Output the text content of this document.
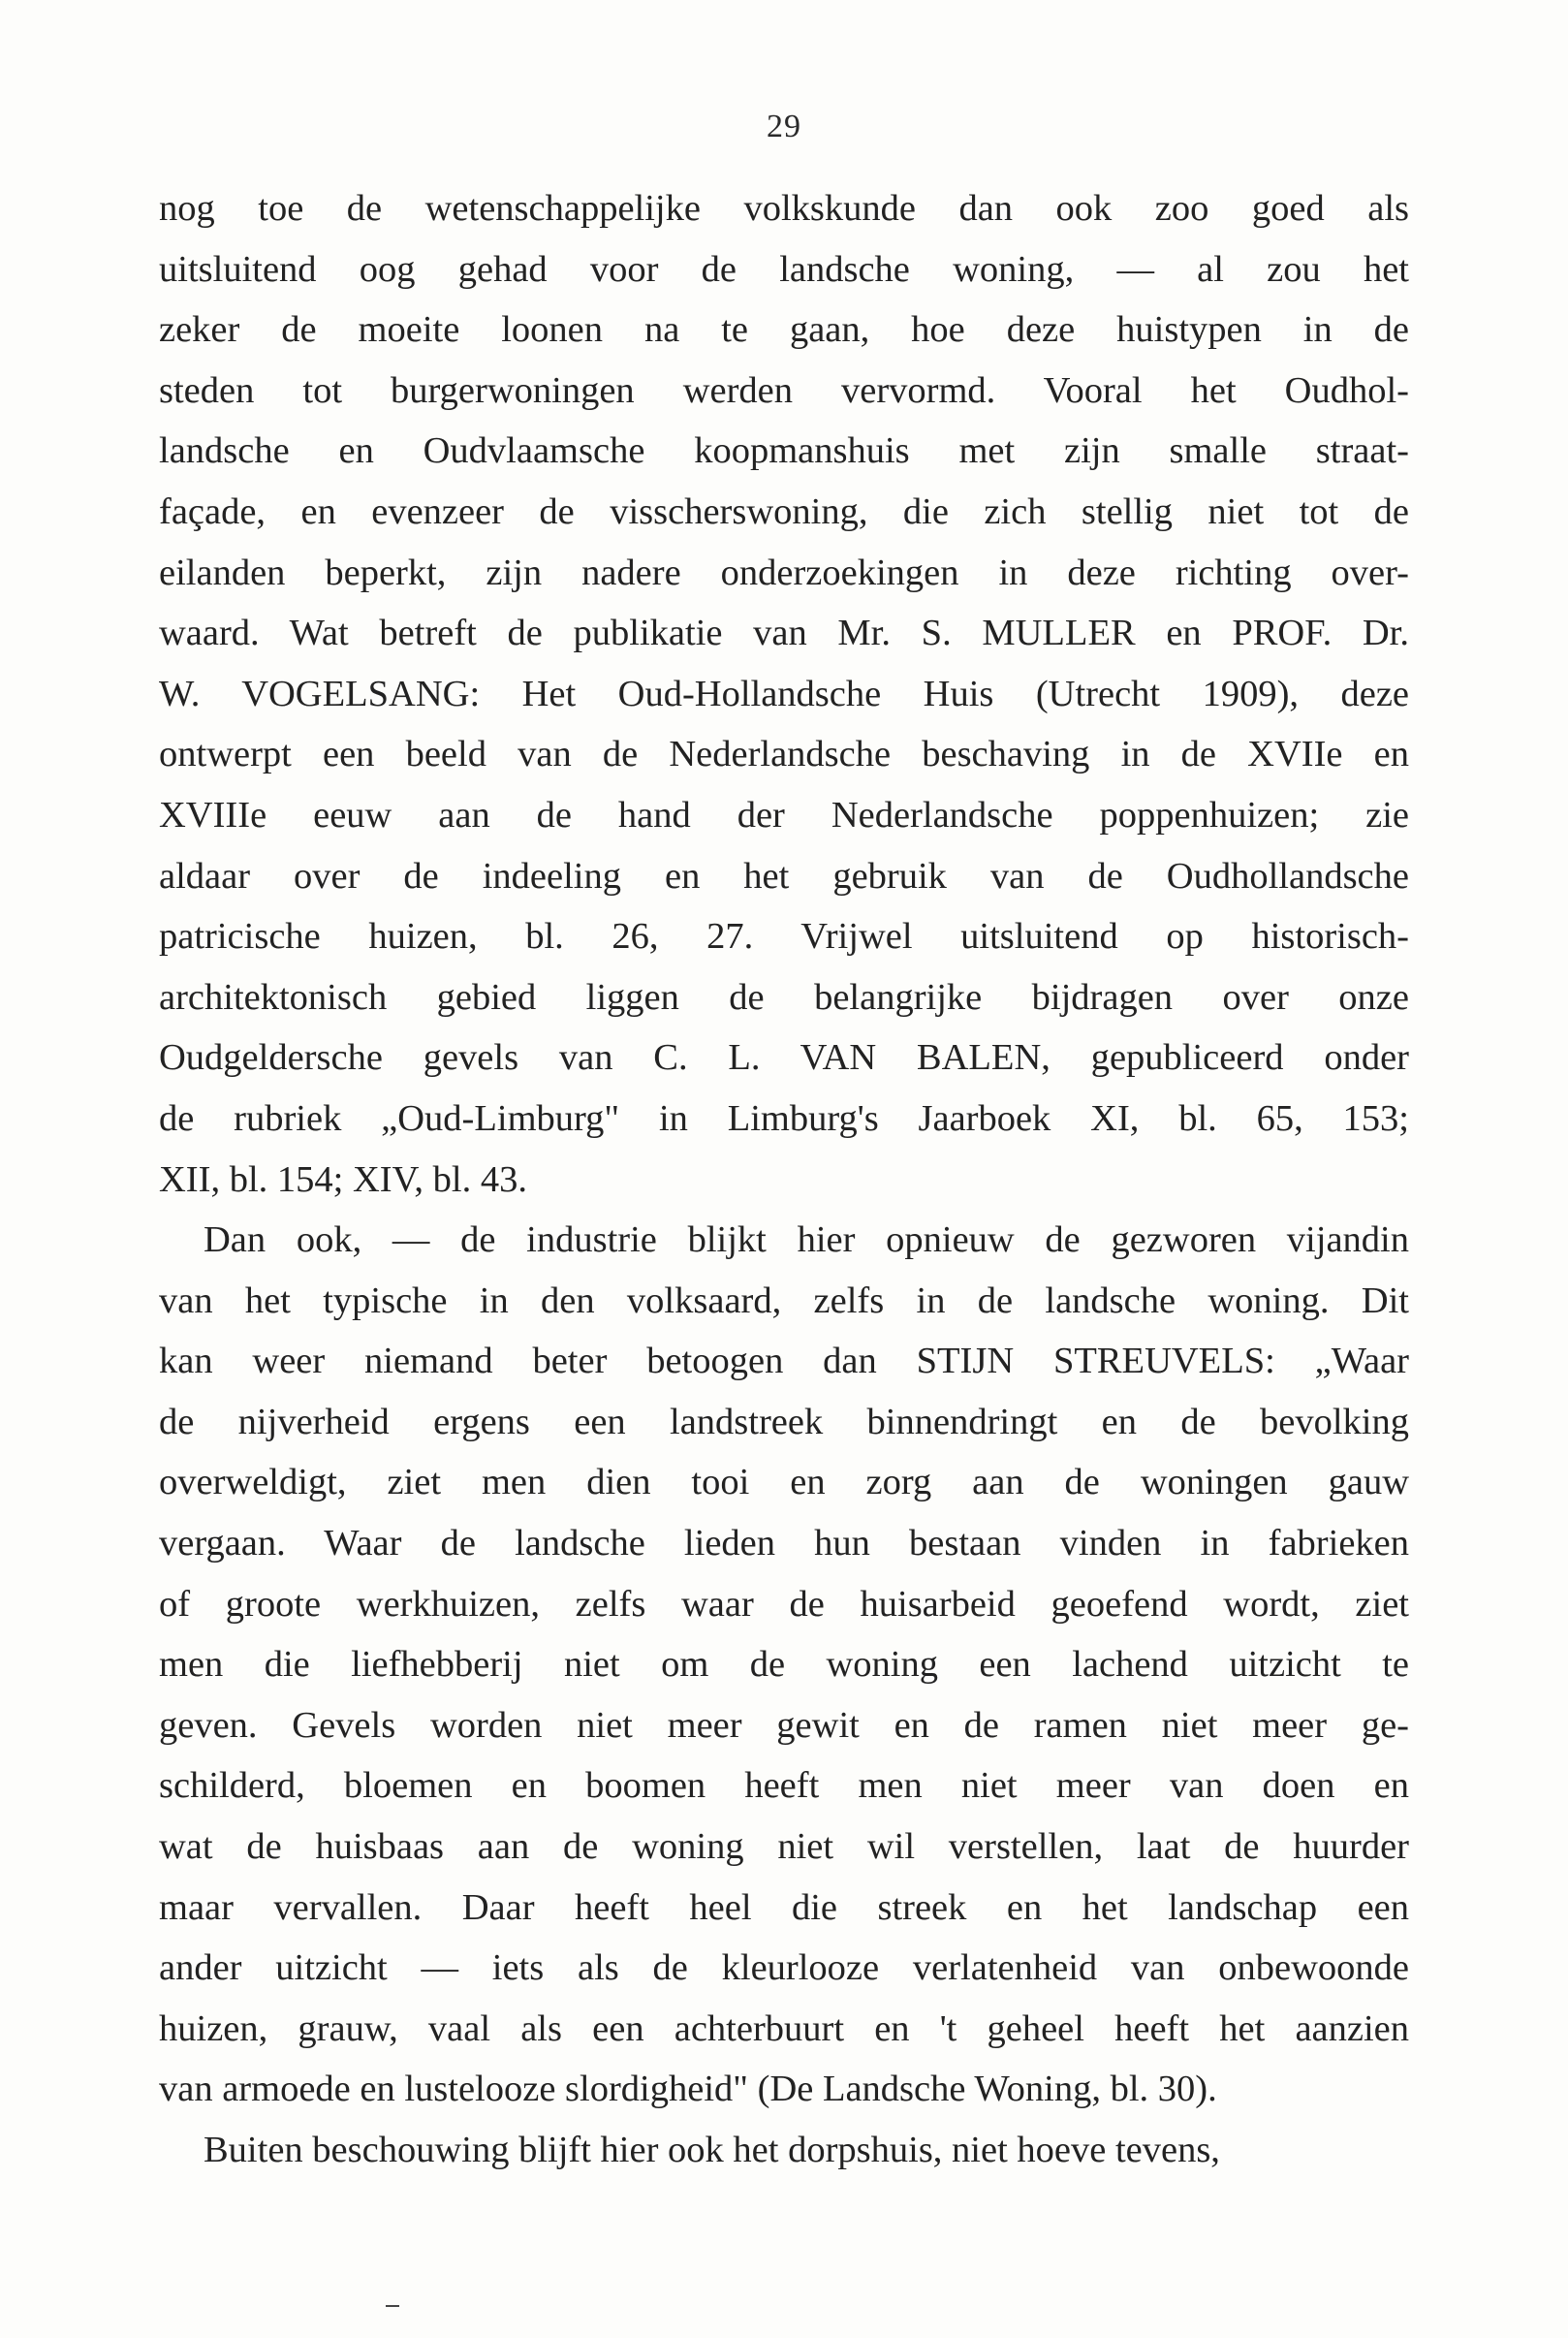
29
nog toe de wetenschappelijke volkskunde dan ook zoo goed als
uitsluitend oog gehad voor de landsche woning, — al zou het
zeker de moeite loonen na te gaan, hoe deze huistypen in de
steden tot burgerwoningen werden vervormd. Vooral het Oudhol-
landsche en Oudvlaamsche koopmanshuis met zijn smalle straat-
façade, en evenzeer de visscherswoning, die zich stellig niet tot de
eilanden beperkt, zijn nadere onderzoekingen in deze richting over-
waard. Wat betreft de publikatie van Mr. S. MULLER en PROF. Dr.
W. VOGELSANG: Het Oud-Hollandsche Huis (Utrecht 1909), deze
ontwerpt een beeld van de Nederlandsche beschaving in de XVIIe en
XVIIIe eeuw aan de hand der Nederlandsche poppenhuizen; zie
aldaar over de indeeling en het gebruik van de Oudhollandsche
patricische huizen, bl. 26, 27. Vrijwel uitsluitend op historisch-
architektonisch gebied liggen de belangrijke bijdragen over onze
Oudgeldersche gevels van C. L. VAN BALEN, gepubliceerd onder
de rubriek „Oud-Limburg" in Limburg's Jaarboek XI, bl. 65, 153;
XII, bl. 154; XIV, bl. 43.
Dan ook, — de industrie blijkt hier opnieuw de gezworen vijandin
van het typische in den volksaard, zelfs in de landsche woning. Dit
kan weer niemand beter betoogen dan STIJN STREUVELS: „Waar
de nijverheid ergens een landstreek binnendringt en de bevolking
overweldigt, ziet men dien tooi en zorg aan de woningen gauw
vergaan. Waar de landsche lieden hun bestaan vinden in fabrieken
of groote werkhuizen, zelfs waar de huisarbeid geoefend wordt, ziet
men die liefhebberij niet om de woning een lachend uitzicht te
geven. Gevels worden niet meer gewit en de ramen niet meer ge-
schilderd, bloemen en boomen heeft men niet meer van doen en
wat de huisbaas aan de woning niet wil verstellen, laat de huurder
maar vervallen. Daar heeft heel die streek en het landschap een
ander uitzicht — iets als de kleurlooze verlatenheid van onbewoonde
huizen, grauw, vaal als een achterbuurt en 't geheel heeft het aanzien
van armoede en lustelooze slordigheid" (De Landsche Woning, bl. 30).
Buiten beschouwing blijft hier ook het dorpshuis, niet hoeve tevens,
